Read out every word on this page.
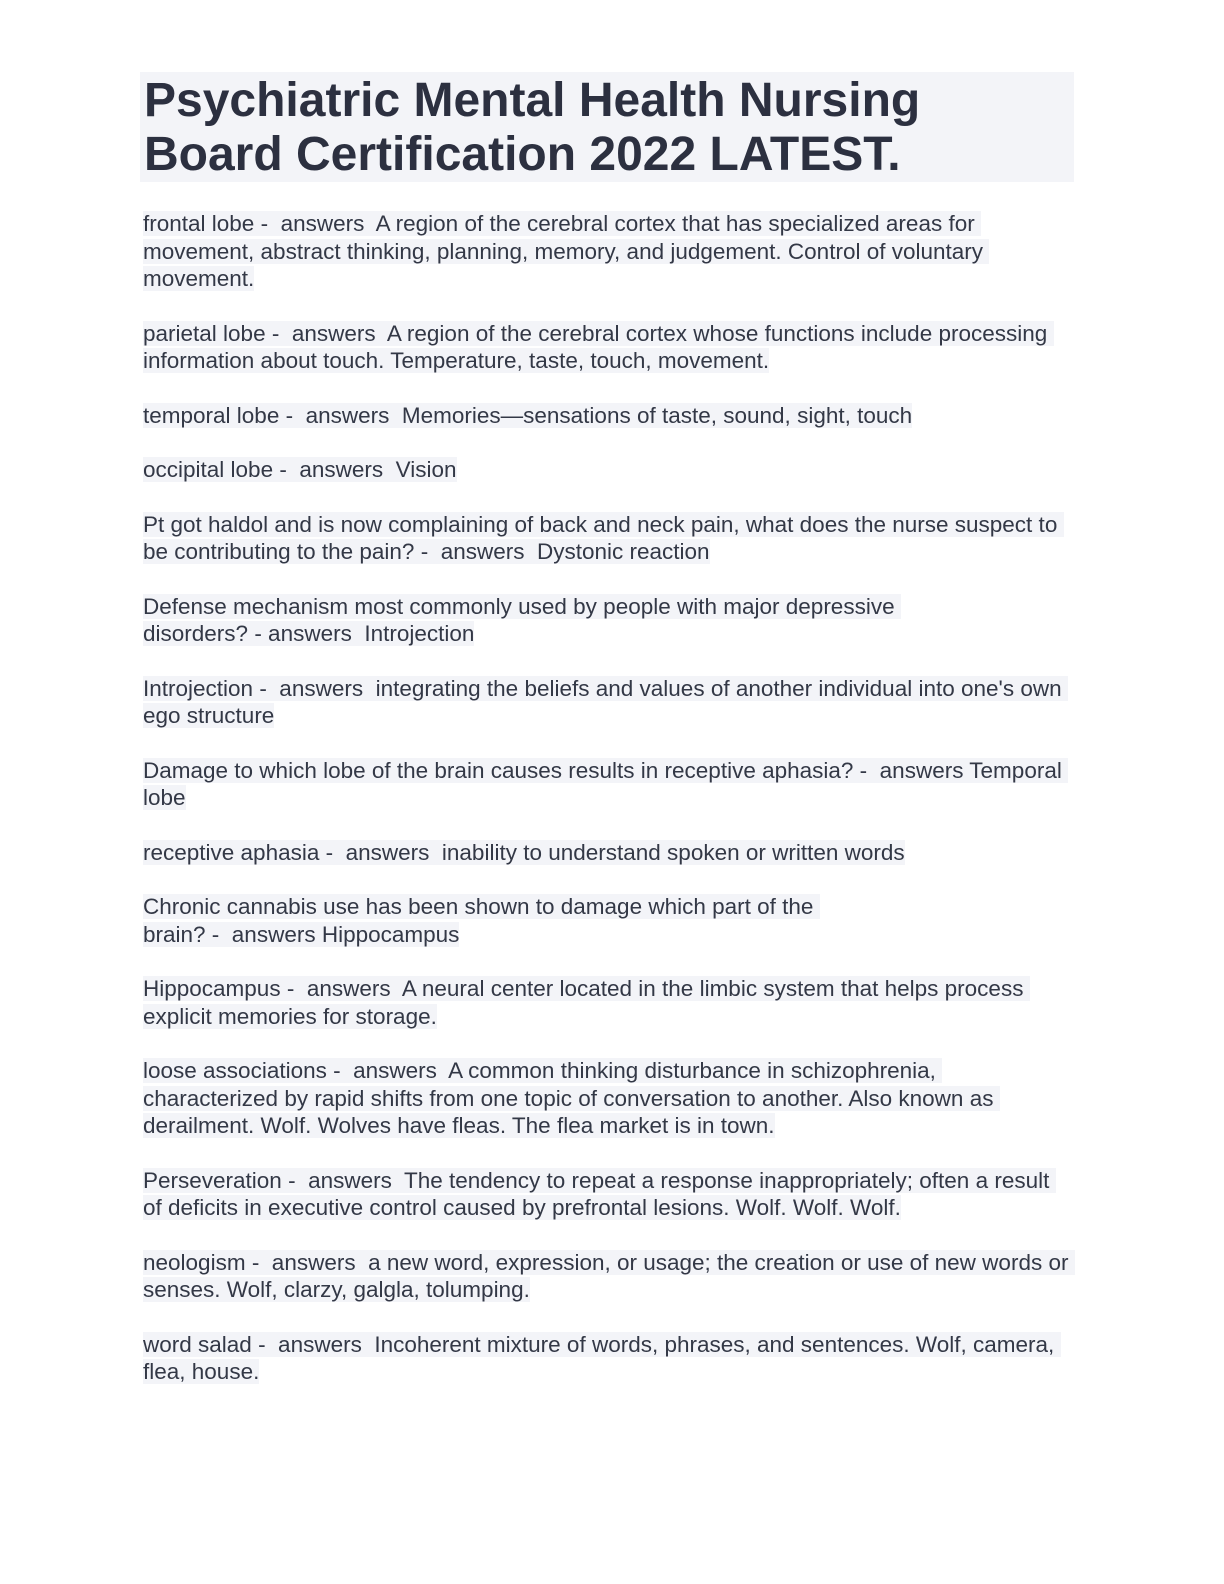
Psychiatric Mental Health Nursing Board Certification 2022 LATEST.
frontal lobe -  answers  A region of the cerebral cortex that has specialized areas for movement, abstract thinking, planning, memory, and judgement. Control of voluntary movement.
parietal lobe -  answers  A region of the cerebral cortex whose functions include processing information about touch. Temperature, taste, touch, movement.
temporal lobe -  answers  Memories—sensations of taste, sound, sight, touch
occipital lobe -  answers  Vision
Pt got haldol and is now complaining of back and neck pain, what does the nurse suspect to be contributing to the pain? -  answers  Dystonic reaction
Defense mechanism most commonly used by people with major depressive disorders? - answers  Introjection
Introjection -  answers  integrating the beliefs and values of another individual into one's own ego structure
Damage to which lobe of the brain causes results in receptive aphasia? -  answers Temporal lobe
receptive aphasia -  answers  inability to understand spoken or written words
Chronic cannabis use has been shown to damage which part of the brain? -  answers Hippocampus
Hippocampus -  answers  A neural center located in the limbic system that helps process explicit memories for storage.
loose associations -  answers  A common thinking disturbance in schizophrenia, characterized by rapid shifts from one topic of conversation to another. Also known as derailment. Wolf. Wolves have fleas. The flea market is in town.
Perseveration -  answers  The tendency to repeat a response inappropriately; often a result of deficits in executive control caused by prefrontal lesions. Wolf. Wolf. Wolf.
neologism -  answers  a new word, expression, or usage; the creation or use of new words or senses. Wolf, clarzy, galgla, tolumping.
word salad -  answers  Incoherent mixture of words, phrases, and sentences. Wolf, camera, flea, house.
